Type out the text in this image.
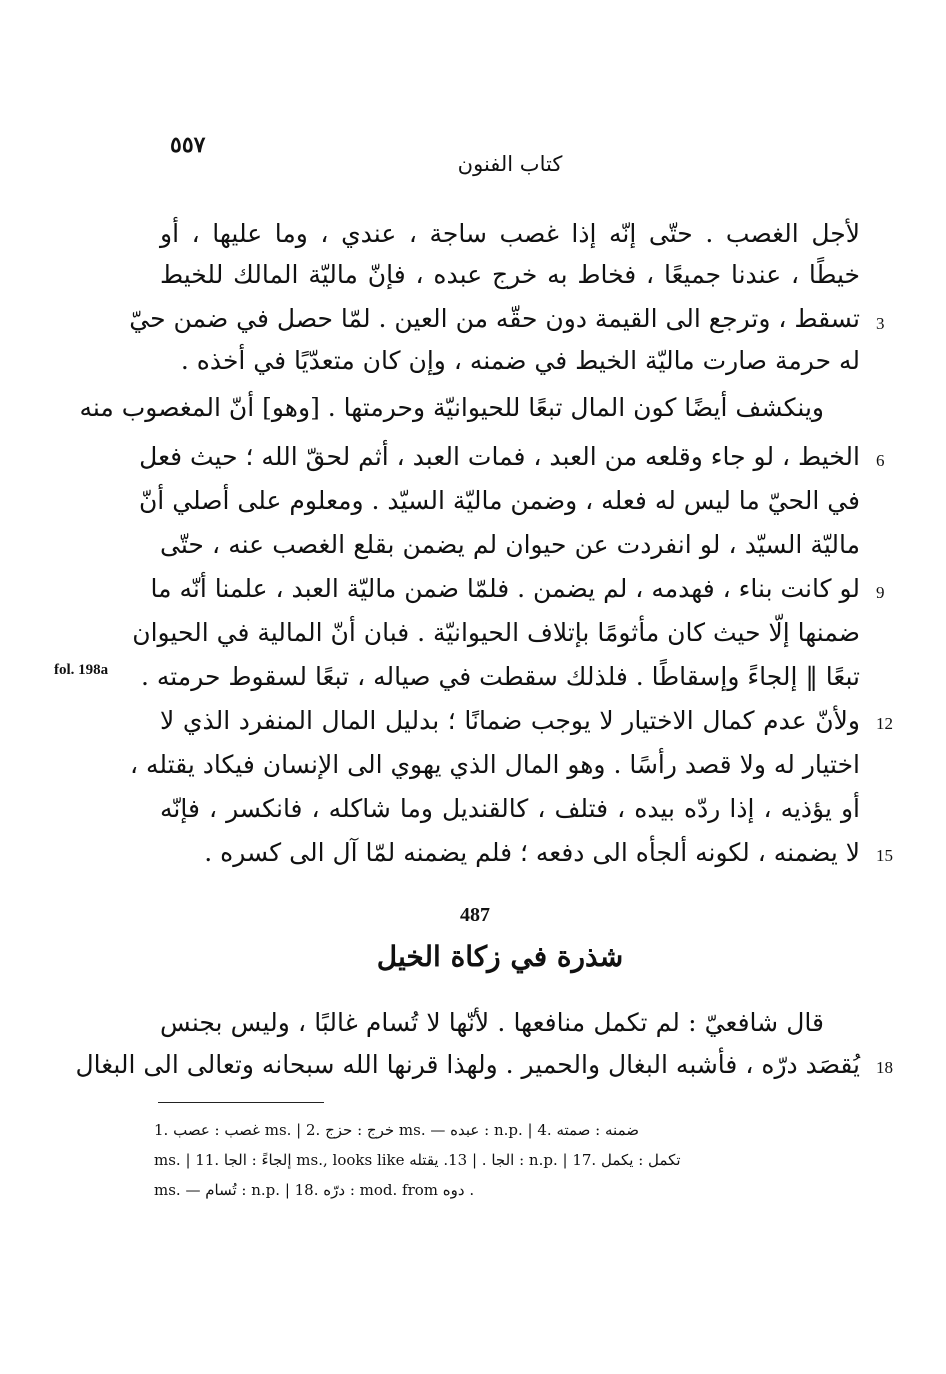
٥٥٧
كتاب الفنون
لأجل الغصب . حتّى إنّه إذا غصب ساجة ، عندي ، وما عليها ، أو
خيطًا ، عندنا جميعًا ، فخاط به خرج عبده ، فإنّ ماليّة المالك للخيط
تسقط ، وترجع الى القيمة دون حقّه من العين . لمّا حصل في ضمن حيّ
له حرمة صارت ماليّة الخيط في ضمنه ، وإن كان متعدّيًا في أخذه .
وينكشف أيضًا كون المال تبعًا للحيوانيّة وحرمتها . [وهو] أنّ المغصوب منه
الخيط ، لو جاء وقلعه من العبد ، فمات العبد ، أثم لحقّ الله ؛ حيث فعل
في الحيّ ما ليس له فعله ، وضمن ماليّة السيّد . ومعلوم على أصلي أنّ
ماليّة السيّد ، لو انفردت عن حيوان لم يضمن بقلع الغصب عنه ، حتّى
لو كانت بناء ، فهدمه ، لم يضمن . فلمّا ضمن ماليّة العبد ، علمنا أنّه ما
ضمنها إلّا حيث كان مأثومًا بإتلاف الحيوانيّة . فبان أنّ المالية في الحيوان
تبعًا ‖ إلجاءً وإسقاطًا . فلذلك سقطت في صياله ، تبعًا لسقوط حرمته .
ولأنّ عدم كمال الاختيار لا يوجب ضمانًا ؛ بدليل المال المنفرد الذي لا
اختيار له ولا قصد رأسًا . وهو المال الذي يهوي الى الإنسان فيكاد يقتله ،
أو يؤذيه ، إذا ردّه بيده ، فتلف ، كالقنديل وما شاكله ، فانكسر ، فإنّه
لا يضمنه ، لكونه ألجأه الى دفعه ؛ فلم يضمنه لمّا آل الى كسره .
3
6
9
12
15
18
fol. 198a
487
شذرة في زكاة الخيل
قال شافعيّ : لم تكمل منافعها . لأنّها لا تُسام غالبًا ، وليس بجنس
يُقصَد درّه ، فأشبه البغال والحمير . ولهذا قرنها الله سبحانه وتعالى الى البغال
1. غصب : عصب ms. | 2. خرج : حزج ms. — عبده : n.p. | 4. ضمنه : صمته
ms. | 11. إلجاءً : الجا ms., looks like الجا . | 13. يقتله : n.p. | 17. تكمل : يكمل
ms. — تُسام : n.p. | 18. درّه : mod. from دوه .
